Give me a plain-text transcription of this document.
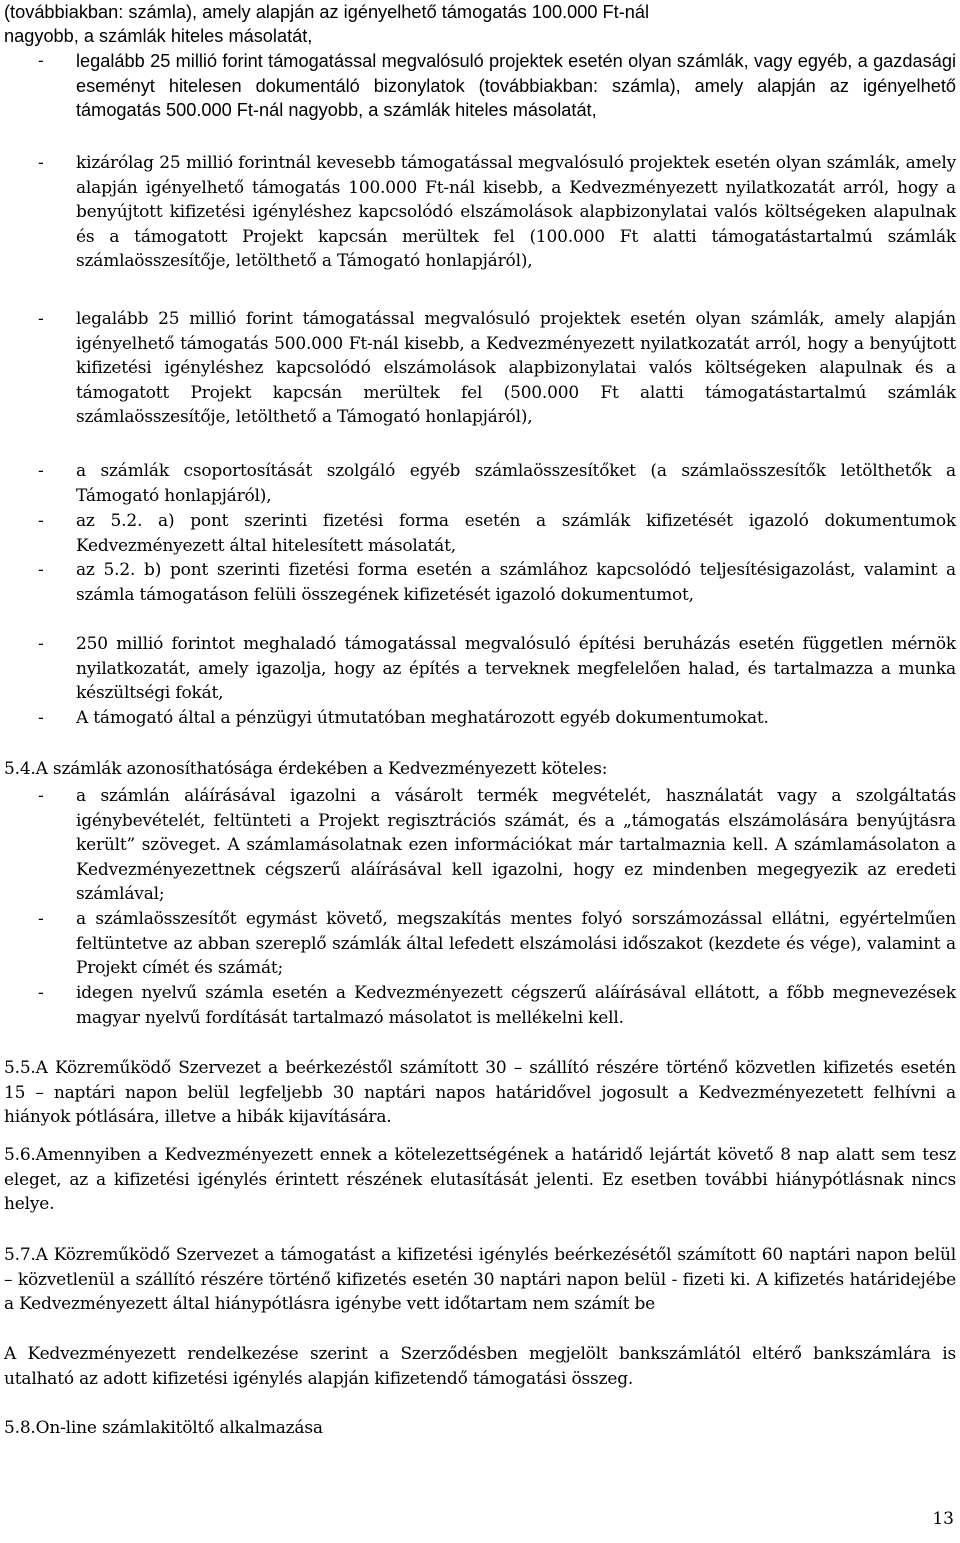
(továbbiakban: számla), amely alapján az igényelhető támogatás 100.000 Ft-nál

nagyobb, a számlák hiteles másolatát,

-	legalább 25 millió forint támogatással megvalósuló projektek esetén olyan számlák, vagy egyéb, a gazdasági eseményt hitelesen dokumentáló bizonylatok (továbbiakban: számla), amely alapján az igényelhető támogatás 500.000 Ft-nál nagyobb, a számlák hiteles másolatát,

-	kizárólag 25 millió forintnál kevesebb támogatással megvalósuló projektek esetén olyan számlák, amely alapján igényelhető támogatás 100.000 Ft-nál kisebb, a Kedvezményezett nyilatkozatát arról, hogy a benyújtott kifizetési igényléshez kapcsolódó elszámolások alapbizonylatai valós költségeken alapulnak és a támogatott Projekt kapcsán merültek fel (100.000 Ft alatti támogatástartalmú számlák számlaösszesítője, letölthető a Támogató honlapjáról),

-	legalább 25 millió forint támogatással megvalósuló projektek esetén olyan számlák, amely alapján igényelhető támogatás 500.000 Ft-nál kisebb, a Kedvezményezett nyilatkozatát arról, hogy a benyújtott kifizetési igényléshez kapcsolódó elszámolások alapbizonylatai valós költségeken alapulnak és a támogatott Projekt kapcsán merültek fel (500.000 Ft alatti támogatástartalmú számlák számlaösszesítője, letölthető a Támogató honlapjáról),

-	a számlák csoportosítását szolgáló egyéb számlaösszesítőket (a számlaösszesítők letölthetők a Támogató honlapjáról),

-	az 5.2. a) pont szerinti fizetési forma esetén a számlák kifizetését igazoló dokumentumok Kedvezményezett által hitelesített másolatát,

-	az 5.2. b) pont szerinti fizetési forma esetén a számlához kapcsolódó teljesítésigazolást, valamint a számla támogatáson felüli összegének kifizetését igazoló dokumentumot,

-	250 millió forintot meghaladó támogatással megvalósuló építési beruházás esetén független mérnök nyilatkozatát, amely igazolja, hogy az építés a terveknek megfelelően halad, és tartalmazza a munka készültségi fokát,

-	A támogató által a pénzügyi útmutatóban meghatározott egyéb dokumentumokat.

5.4.A számlák azonosíthatósága érdekében a Kedvezményezett köteles:

-	a számlán aláírásával igazolni a vásárolt termék megvételét, használatát vagy a szolgáltatás igénybevételét, feltünteti a Projekt regisztrációs számát, és a „támogatás elszámolására benyújtásra került” szöveget. A számlamásolatnak ezen információkat már tartalmaznia kell. A számlamásolaton a Kedvezményezettnek cégszerű aláírásával kell igazolni, hogy ez mindenben megegyezik az eredeti számlával;

-	a számlaösszesítőt egymást követő, megszakítás mentes folyó sorszámozással ellátni, egyértelműen feltüntetve az abban szereplő számlák által lefedett elszámolási időszakot (kezdete és vége), valamint a Projekt címét és számát;

-	idegen nyelvű számla esetén a Kedvezményezett cégszerű aláírásával ellátott, a főbb megnevezések magyar nyelvű fordítását tartalmazó másolatot is mellékelni kell.

5.5.A Közreműködő Szervezet a beérkezéstől számított 30 – szállító részére történő közvetlen kifizetés esetén 15 – naptári napon belül legfeljebb 30 naptári napos határidővel jogosult a Kedvezményezetett felhívni a hiányok pótlására, illetve a hibák kijavítására.

5.6.Amennyiben a Kedvezményezett ennek a kötelezettségének a határidő lejártát követő 8 nap alatt sem tesz eleget, az a kifizetési igénylés érintett részének elutasítását jelenti. Ez esetben további hiánypótlásnak nincs helye.

5.7.A Közreműködő Szervezet a támogatást a kifizetési igénylés beérkezésétől számított 60 naptári napon belül – közvetlenül a szállító részére történő kifizetés esetén 30 naptári napon belül - fizeti ki. A kifizetés határidejébe a Kedvezményezett által hiánypótlásra igénybe vett időtartam nem számít be

A Kedvezményezett rendelkezése szerint a Szerződésben megjelölt bankszámlától eltérő bankszámlára is utalható az adott kifizetési igénylés alapján kifizetendő támogatási összeg.

5.8.On-line számlakitöltő alkalmazása

13
